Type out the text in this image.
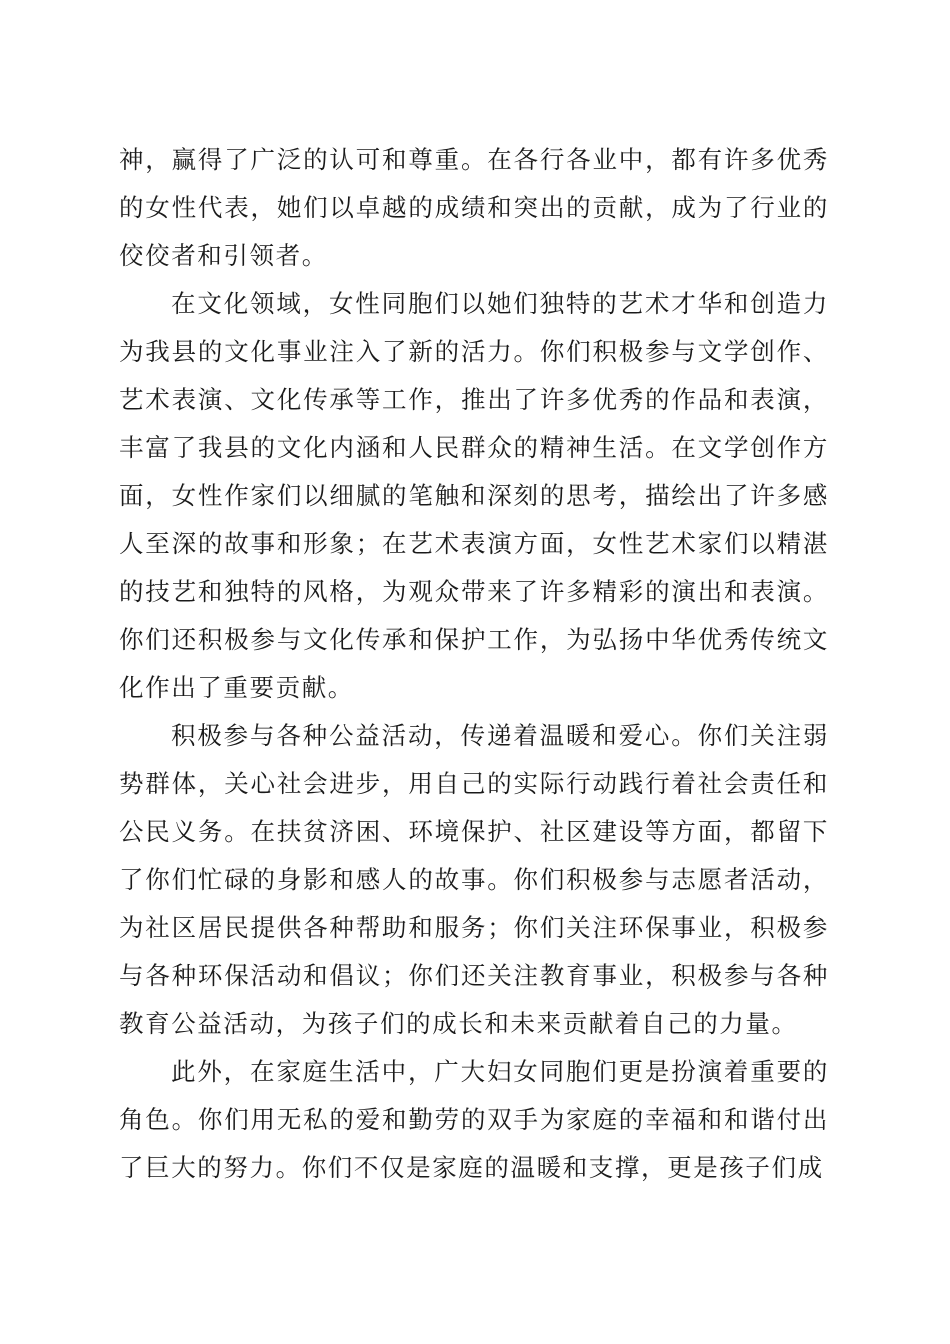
神，赢得了广泛的认可和尊重。在各行各业中，都有许多优秀的女性代表，她们以卓越的成绩和突出的贡献，成为了行业的佼佼者和引领者。

在文化领域，女性同胞们以她们独特的艺术才华和创造力为我县的文化事业注入了新的活力。你们积极参与文学创作、艺术表演、文化传承等工作，推出了许多优秀的作品和表演，丰富了我县的文化内涵和人民群众的精神生活。在文学创作方面，女性作家们以细腻的笔触和深刻的思考，描绘出了许多感人至深的故事和形象；在艺术表演方面，女性艺术家们以精湛的技艺和独特的风格，为观众带来了许多精彩的演出和表演。你们还积极参与文化传承和保护工作，为弘扬中华优秀传统文化作出了重要贡献。

积极参与各种公益活动，传递着温暖和爱心。你们关注弱势群体，关心社会进步，用自己的实际行动践行着社会责任和公民义务。在扶贫济困、环境保护、社区建设等方面，都留下了你们忙碌的身影和感人的故事。你们积极参与志愿者活动，为社区居民提供各种帮助和服务；你们关注环保事业，积极参与各种环保活动和倡议；你们还关注教育事业，积极参与各种教育公益活动，为孩子们的成长和未来贡献着自己的力量。

此外，在家庭生活中，广大妇女同胞们更是扮演着重要的角色。你们用无私的爱和勤劳的双手为家庭的幸福和和谐付出了巨大的努力。你们不仅是家庭的温暖和支撑，更是孩子们成
